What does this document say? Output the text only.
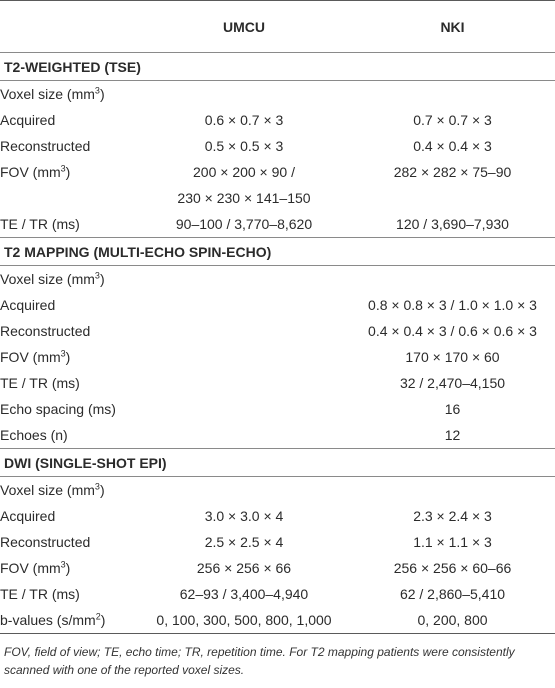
	UMCU	NKI
T2-WEIGHTED (TSE)		
Voxel size $(mm^3)$		
Acquired	0.6 × 0.7 × 3	0.7 × 0.7 × 3
Reconstructed	0.5 × 0.5 × 3	0.4 × 0.4 × 3
FOV $(mm^3)$	200 × 200 × 90 /	282 × 282 × 75–90
	230 × 230 × 141–150	
TE / TR (ms)	90–100 / 3,770–8,620	120 / 3,690–7,930
T2 MAPPING (MULTI-ECHO SPIN-ECHO)		
Voxel size $(mm^3)$		
Acquired		0.8 × 0.8 × 3 / 1.0 × 1.0 × 3
Reconstructed		0.4 × 0.4 × 3 / 0.6 × 0.6 × 3
FOV $(mm^3)$		170 × 170 × 60
TE / TR (ms)		32 / 2,470–4,150
Echo spacing (ms)		16
Echoes (n)		12
DWI (SINGLE-SHOT EPI)		
Voxel size $(mm^3)$		
Acquired	3.0 × 3.0 × 4	2.3 × 2.4 × 3
Reconstructed	2.5 × 2.5 × 4	1.1 × 1.1 × 3
FOV $(mm^3)$	256 × 256 × 66	256 × 256 × 60–66
TE / TR (ms)	62–93 / 3,400–4,940	62 / 2,860–5,410
b-values $(s/mm^2)$	0, 100, 300, 500, 800, 1,000	0, 200, 800
FOV, field of view; TE, echo time; TR, repetition time. For T2 mapping patients were consistently scanned with one of the reported voxel sizes.
